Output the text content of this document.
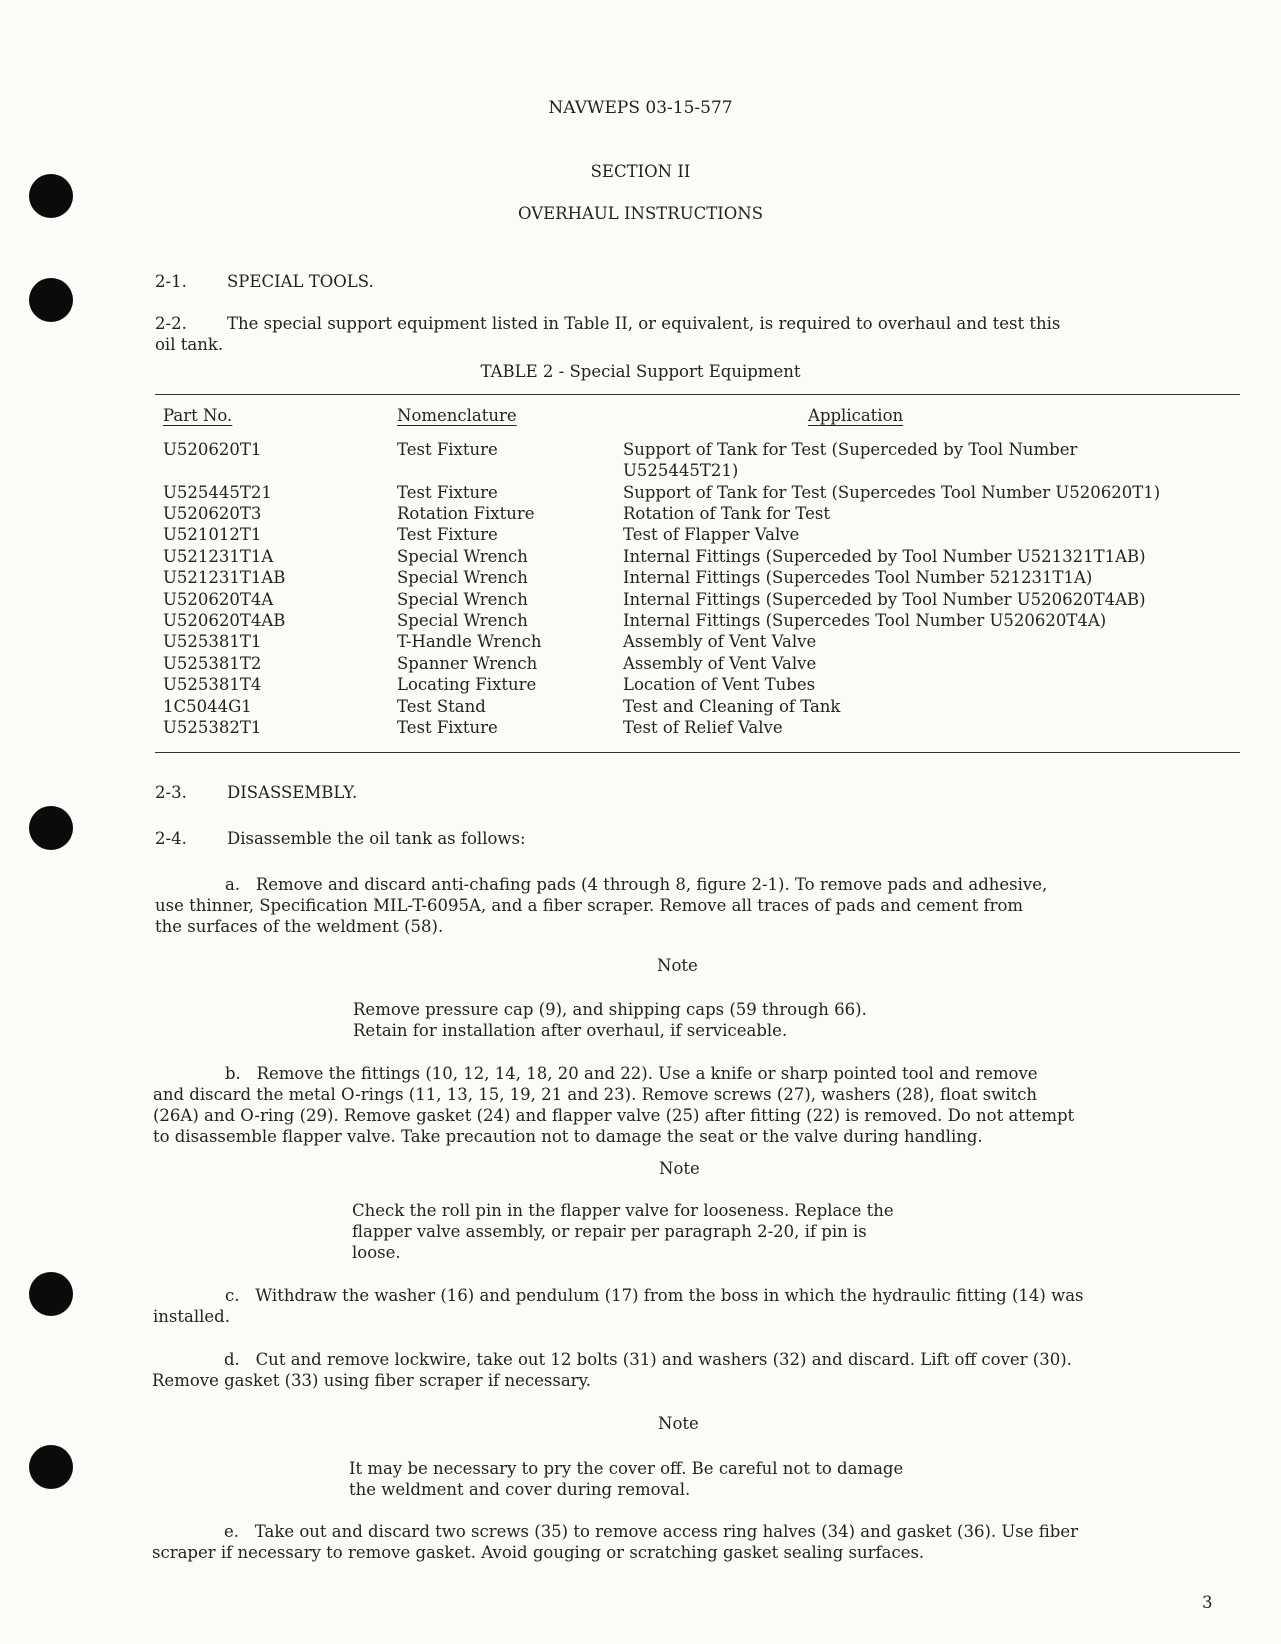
NAVWEPS 03-15-577
SECTION II
OVERHAUL INSTRUCTIONS
2-1. SPECIAL TOOLS.
2-2. The special support equipment listed in Table II, or equivalent, is required to overhaul and test this
oil tank.
TABLE 2 - Special Support Equipment
Part No.	Nomenclature	Application
U520620T1	Test Fixture	Support of Tank for Test (Superceded by Tool Number
U525445T21)
U525445T21	Test Fixture	Support of Tank for Test (Supercedes Tool Number U520620T1)
U520620T3	Rotation Fixture	Rotation of Tank for Test
U521012T1	Test Fixture	Test of Flapper Valve
U521231T1A	Special Wrench	Internal Fittings (Superceded by Tool Number U521321T1AB)
U521231T1AB	Special Wrench	Internal Fittings (Supercedes Tool Number 521231T1A)
U520620T4A	Special Wrench	Internal Fittings (Superceded by Tool Number U520620T4AB)
U520620T4AB	Special Wrench	Internal Fittings (Supercedes Tool Number U520620T4A)
U525381T1	T-Handle Wrench	Assembly of Vent Valve
U525381T2	Spanner Wrench	Assembly of Vent Valve
U525381T4	Locating Fixture	Location of Vent Tubes
1C5044G1	Test Stand	Test and Cleaning of Tank
U525382T1	Test Fixture	Test of Relief Valve
2-3. DISASSEMBLY.
2-4. Disassemble the oil tank as follows:
a. Remove and discard anti-chafing pads (4 through 8, figure 2-1). To remove pads and adhesive,
use thinner, Specification MIL-T-6095A, and a fiber scraper. Remove all traces of pads and cement from
the surfaces of the weldment (58).
Note
Remove pressure cap (9), and shipping caps (59 through 66).
Retain for installation after overhaul, if serviceable.
b. Remove the fittings (10, 12, 14, 18, 20 and 22). Use a knife or sharp pointed tool and remove
and discard the metal O-rings (11, 13, 15, 19, 21 and 23). Remove screws (27), washers (28), float switch
(26A) and O-ring (29). Remove gasket (24) and flapper valve (25) after fitting (22) is removed. Do not attempt
to disassemble flapper valve. Take precaution not to damage the seat or the valve during handling.
Note
Check the roll pin in the flapper valve for looseness. Replace the
flapper valve assembly, or repair per paragraph 2-20, if pin is
loose.
c. Withdraw the washer (16) and pendulum (17) from the boss in which the hydraulic fitting (14) was
installed.
d. Cut and remove lockwire, take out 12 bolts (31) and washers (32) and discard. Lift off cover (30).
Remove gasket (33) using fiber scraper if necessary.
Note
It may be necessary to pry the cover off. Be careful not to damage
the weldment and cover during removal.
e. Take out and discard two screws (35) to remove access ring halves (34) and gasket (36). Use fiber
scraper if necessary to remove gasket. Avoid gouging or scratching gasket sealing surfaces.
3
